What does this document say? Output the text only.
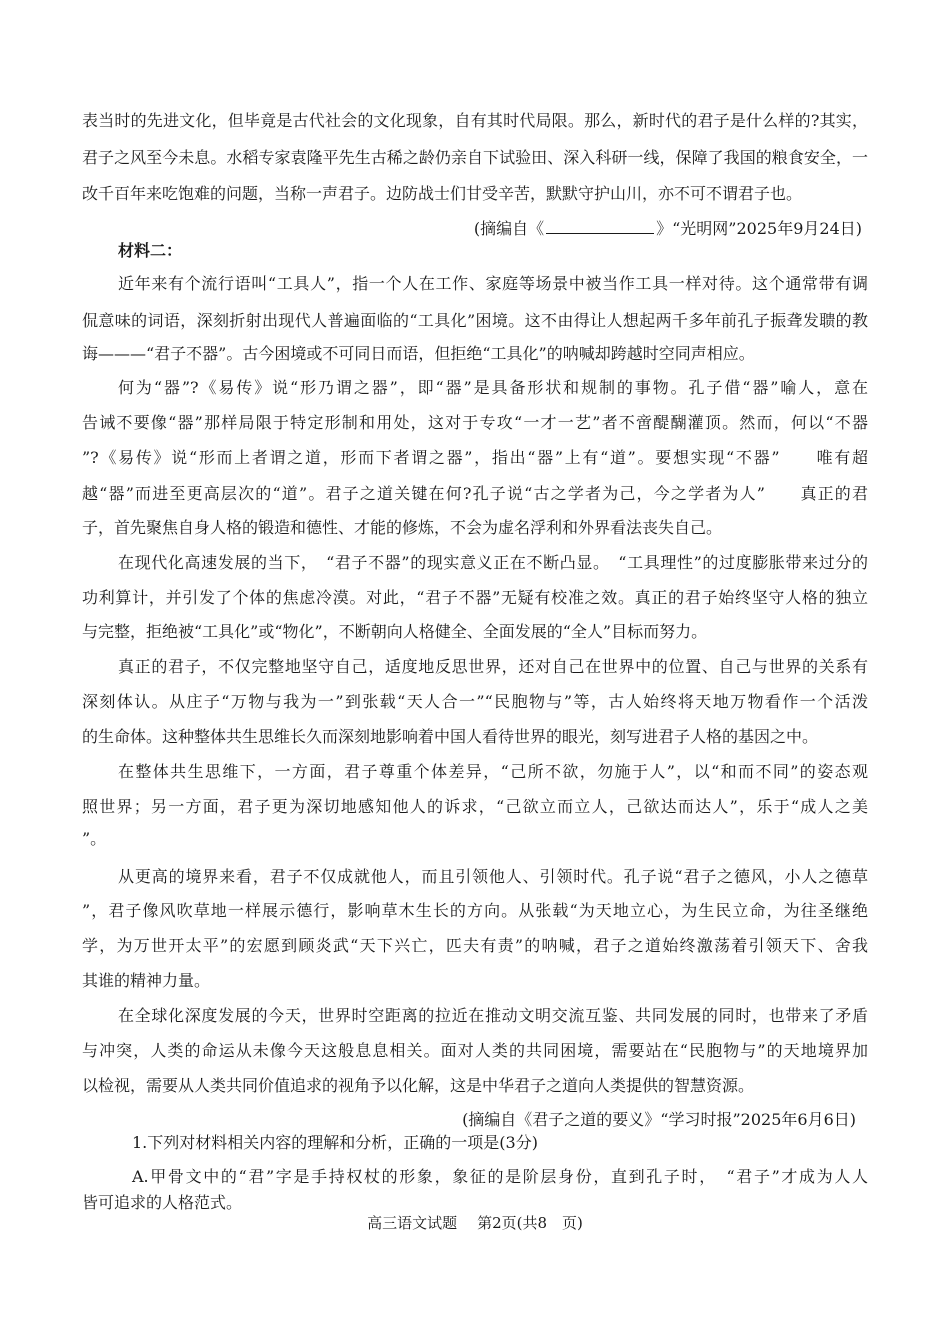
表当时的先进文化，但毕竟是古代社会的文化现象，自有其时代局限。那么，新时代的君子是什么样的?其实，

君子之风至今未息。水稻专家袁隆平先生古稀之龄仍亲自下试验田、深入科研一线，保障了我国的粮食安全，一

改千百年来吃饱难的问题，当称一声君子。边防战士们甘受辛苦，默默守护山川，亦不可不谓君子也。

(摘编自《	》“光明网”2025年9月24日)

材料二：

近年来有个流行语叫“工具人”，指一个人在工作、家庭等场景中被当作工具一样对待。这个通常带有调

侃意味的词语，深刻折射出现代人普遍面临的“工具化”困境。这不由得让人想起两千多年前孔子振聋发聩的教

诲———“君子不器”。古今困境或不可同日而语，但拒绝“工具化”的呐喊却跨越时空同声相应。

何为“器”?《易传》说“形乃谓之器”，即“器”是具备形状和规制的事物。孔子借“器”喻人，意在

告诫不要像“器”那样局限于特定形制和用处，这对于专攻“一才一艺”者不啻醍醐灌顶。然而，何以“不器

”?《易传》说“形而上者谓之道，形而下者谓之器”，指出“器”上有“道”。要想实现“不器”　　唯有超

越“器”而进至更高层次的“道”。君子之道关键在何?孔子说“古之学者为己，今之学者为人”　　真正的君

子，首先聚焦自身人格的锻造和德性、才能的修炼，不会为虚名浮利和外界看法丧失自己。

在现代化高速发展的当下，　“君子不器”的现实意义正在不断凸显。　“工具理性”的过度膨胀带来过分的

功利算计，并引发了个体的焦虑冷漠。对此，“君子不器”无疑有校准之效。真正的君子始终坚守人格的独立

与完整，拒绝被“工具化”或“物化”，不断朝向人格健全、全面发展的“全人”目标而努力。

真正的君子，不仅完整地坚守自己，适度地反思世界，还对自己在世界中的位置、自己与世界的关系有

深刻体认。从庄子“万物与我为一”到张载“天人合一”“民胞物与”等，古人始终将天地万物看作一个活泼

的生命体。这种整体共生思维长久而深刻地影响着中国人看待世界的眼光，刻写进君子人格的基因之中。

在整体共生思维下，一方面，君子尊重个体差异，“己所不欲，勿施于人”，以“和而不同”的姿态观

照世界；另一方面，君子更为深切地感知他人的诉求，“己欲立而立人，己欲达而达人”，乐于“成人之美

”。

从更高的境界来看，君子不仅成就他人，而且引领他人、引领时代。孔子说“君子之德风，小人之德草

”，君子像风吹草地一样展示德行，影响草木生长的方向。从张载“为天地立心，为生民立命，为往圣继绝

学，为万世开太平”的宏愿到顾炎武“天下兴亡，匹夫有责”的呐喊，君子之道始终激荡着引领天下、舍我

其谁的精神力量。

在全球化深度发展的今天，世界时空距离的拉近在推动文明交流互鉴、共同发展的同时，也带来了矛盾

与冲突，人类的命运从未像今天这般息息相关。面对人类的共同困境，需要站在“民胞物与”的天地境界加

以检视，需要从人类共同价值追求的视角予以化解，这是中华君子之道向人类提供的智慧资源。

(摘编自《君子之道的要义》“学习时报”2025年6月6日)

1.下列对材料相关内容的理解和分析，正确的一项是(3分)

A.甲骨文中的“君”字是手持权杖的形象，象征的是阶层身份，直到孔子时，　“君子”才成为人人

皆可追求的人格范式。

高三语文试题 第2页(共8　页)
